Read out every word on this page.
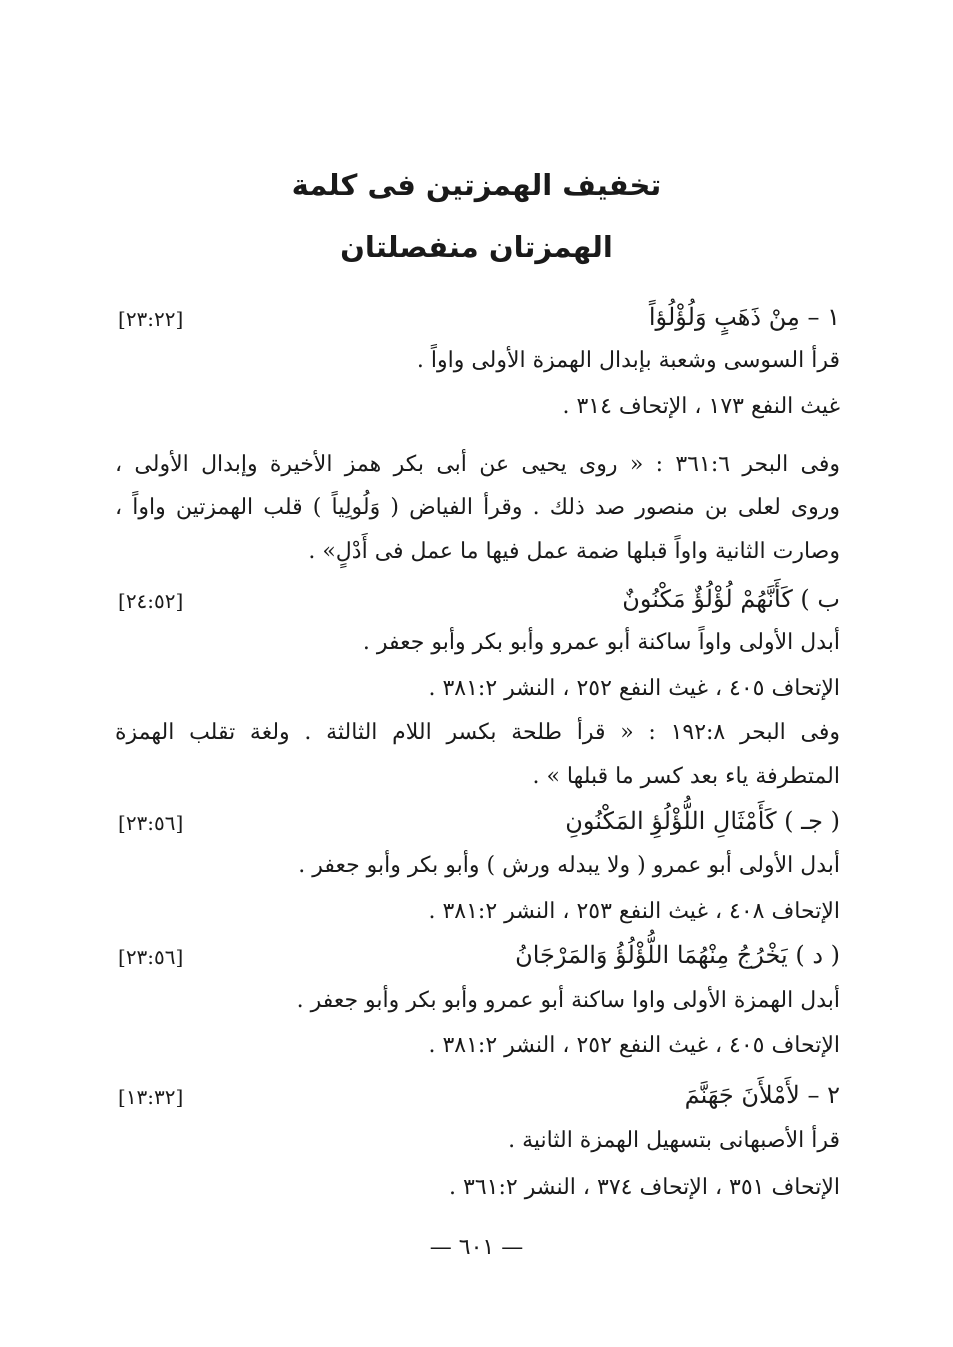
تخفيف الهمزتين فى كلمة
الهمزتان منفصلتان
١ – مِنْ ذَهَبٍ وَلُؤْلُؤاً
[٢٣:٢٢]
قرأ السوسى وشعبة بإبدال الهمزة الأولى واواً .
غيث النفع ١٧٣ ، الإتحاف ٣١٤ .
وفى البحر ٣٦١:٦ : « روى يحيى عن أبى بكر همز الأخيرة وإبدال الأولى ،
وروى لعلى بن منصور صد ذلك . وقرأ الفياض ( وَلُولِياً ) قلب الهمزتين واواً ،
وصارت الثانية واواً قبلها ضمة عمل فيها ما عمل فى أَدْلٍ» .
ب ) كَأَنَّهُمْ لُؤْلُؤٌ مَكْنُونٌ
[٢٤:٥٢]
أبدل الأولى واواً ساكنة أبو عمرو وأبو بكر وأبو جعفر .
الإتحاف ٤٠٥ ، غيث النفع ٢٥٢ ، النشر ٣٨١:٢ .
وفى البحر ١٩٢:٨ : « قرأ طلحة بكسر اللام الثالثة . ولغة تقلب الهمزة
المتطرفة ياء بعد كسر ما قبلها » .
( جـ ) كَأَمْثَالِ اللُّؤْلُؤِ المَكْنُونِ
[٢٣:٥٦]
أبدل الأولى أبو عمرو ( ولا يبدله ورش ) وأبو بكر وأبو جعفر .
الإتحاف ٤٠٨ ، غيث النفع ٢٥٣ ، النشر ٣٨١:٢ .
( د ) يَخْرُجُ مِنْهُمَا اللُّؤْلُؤُ وَالمَرْجَانُ
[٢٣:٥٦]
أبدل الهمزة الأولى واوا ساكنة أبو عمرو وأبو بكر وأبو جعفر .
الإتحاف ٤٠٥ ، غيث النفع ٢٥٢ ، النشر ٣٨١:٢ .
٢ – لأَمْلأَنَ جَهَنَّمَ
[١٣:٣٢]
قرأ الأصبهانى بتسهيل الهمزة الثانية .
الإتحاف ٣٥١ ، الإتحاف ٣٧٤ ، النشر ٣٦١:٢ .
— ٦٠١ —
